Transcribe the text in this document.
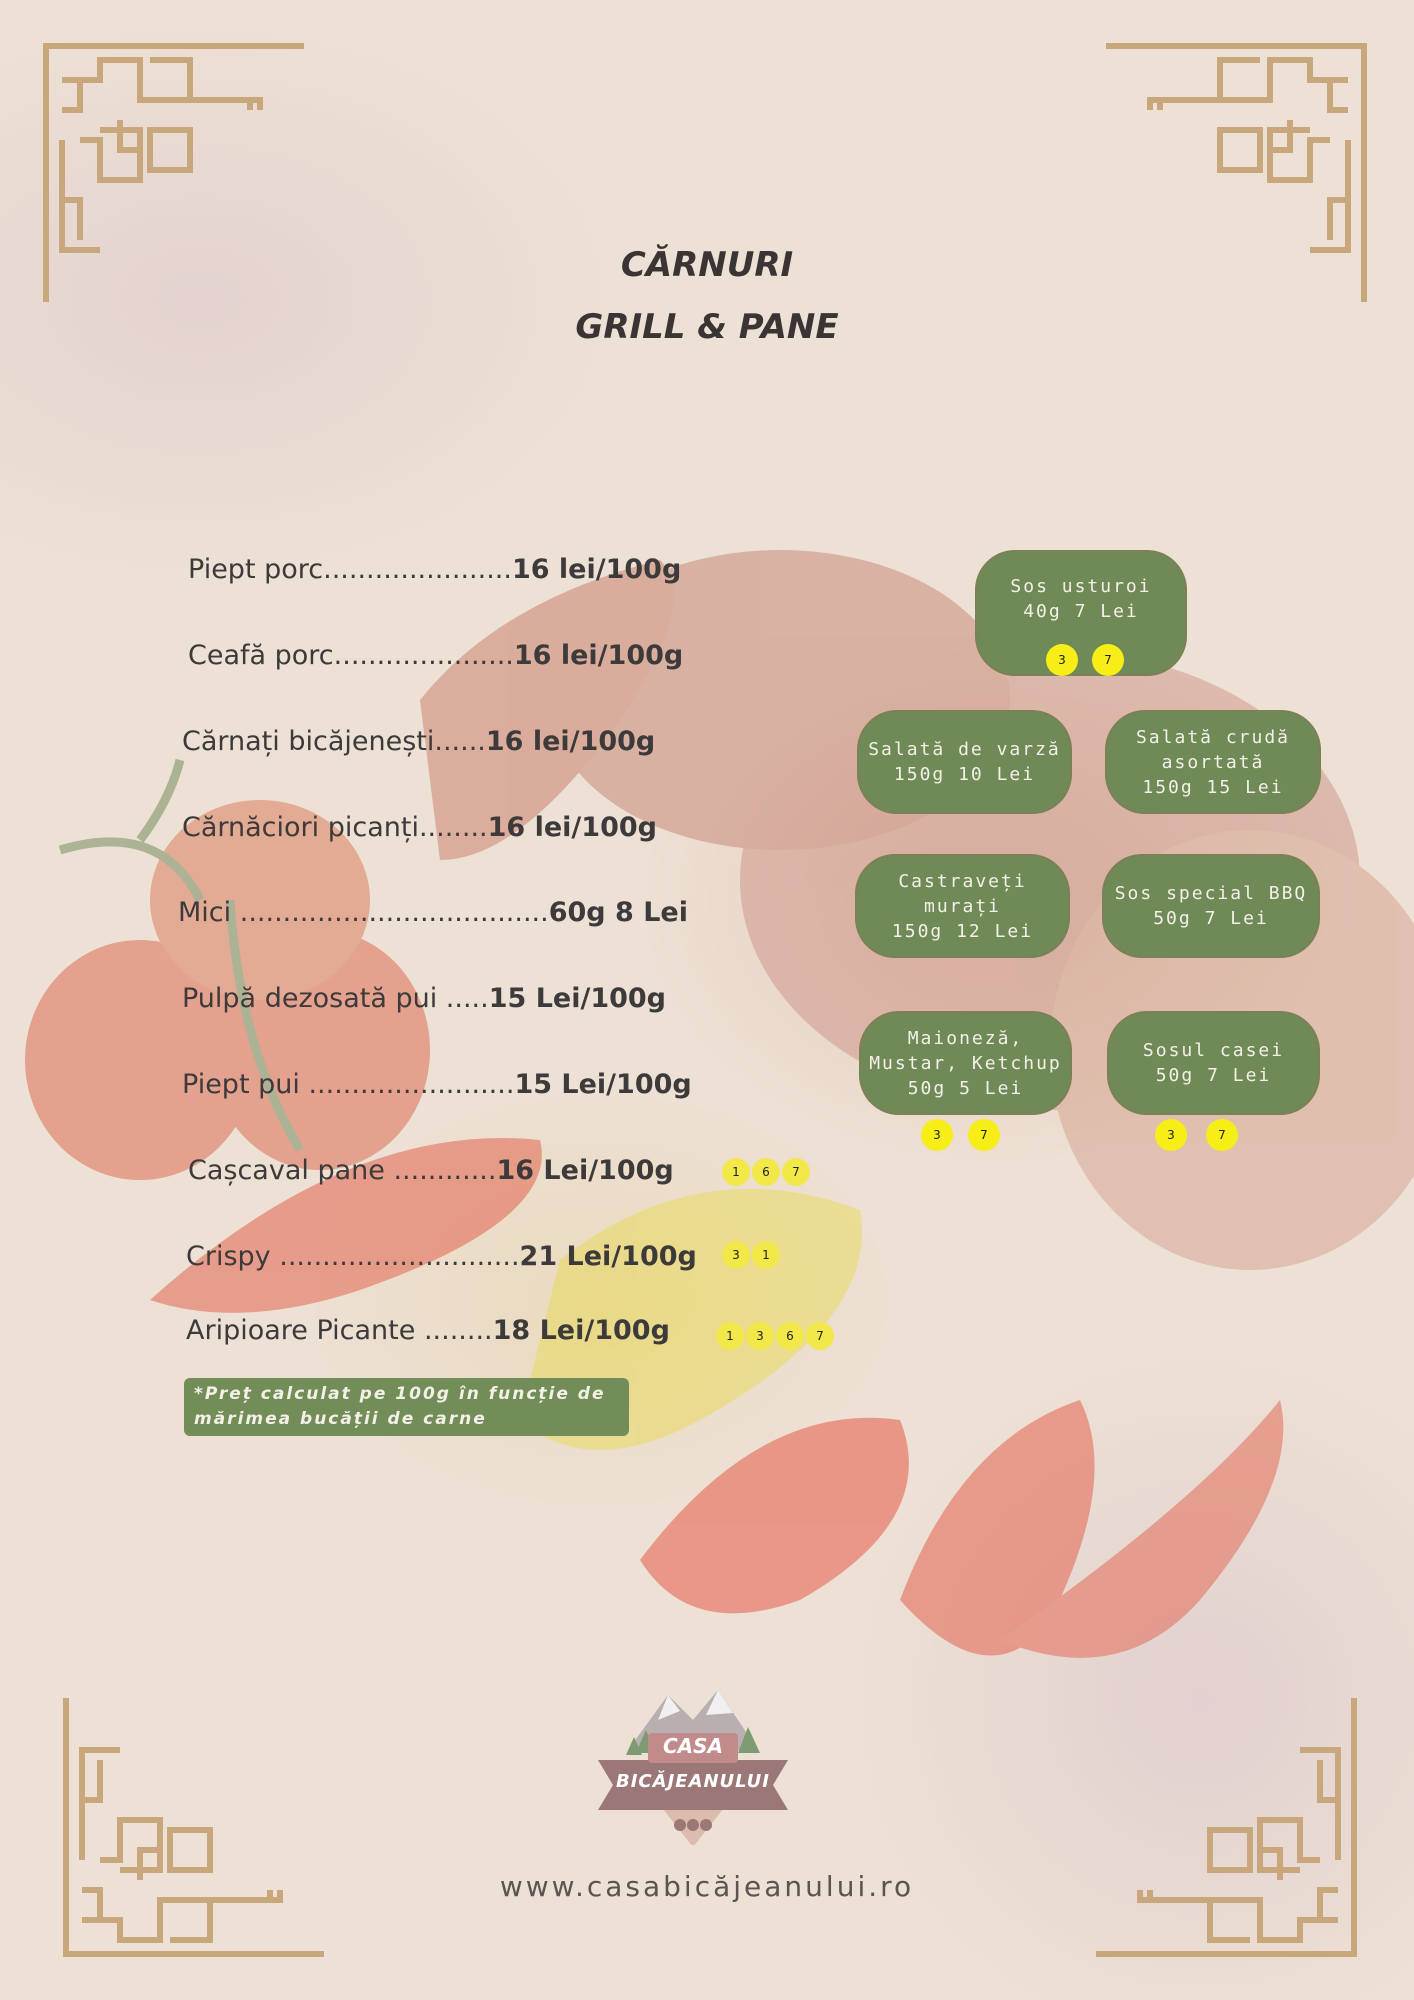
CĂRNURI
GRILL & PANE
Piept porc......................16 lei/100g
Ceafă porc.....................16 lei/100g
Cărnați bicăjenești......16 lei/100g
Cărnăciori picanți........16 lei/100g
Mici ....................................60g 8 Lei
Pulpă dezosată pui .....15 Lei/100g
Piept pui ........................15 Lei/100g
Cașcaval pane ............16 Lei/100g
Crispy ............................21 Lei/100g
Aripioare Picante ........18 Lei/100g
1	6	7
3	1
1	3	6	7
*Preț calculat pe 100g în funcție de mărimea bucății de carne
Sos usturoi
40g 7 Lei
3	7
Salată de varză
150g 10 Lei
Salată crudă
asortată
150g 15 Lei
Castraveți
murați
150g 12 Lei
Sos special BBQ
50g 7 Lei
Maioneză,
Mustar, Ketchup
50g 5 Lei
3	7
Sosul casei
50g 7 Lei
3	7
CASA
BICĂJEANULUI
www.casabicăjeanului.ro
